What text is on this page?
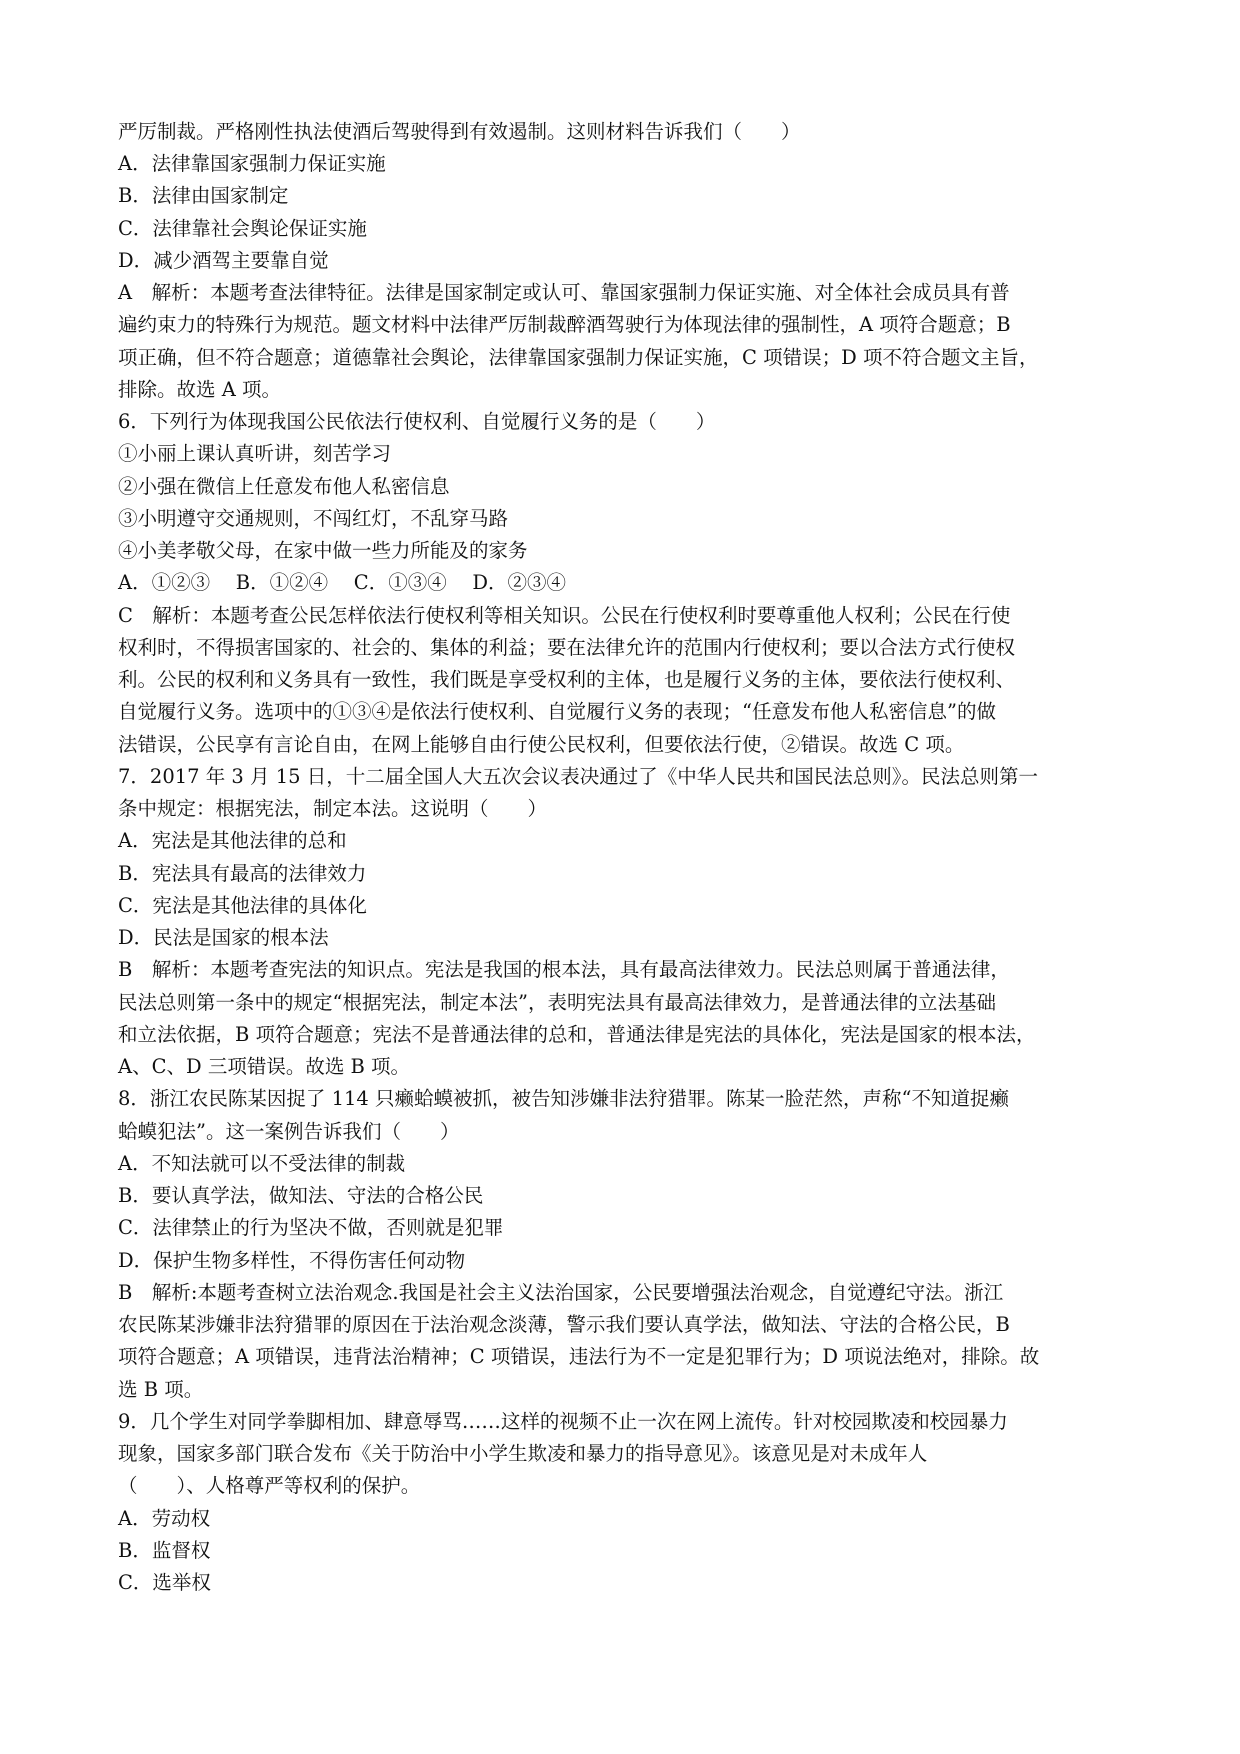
严厉制裁。严格刚性执法使酒后驾驶得到有效遏制。这则材料告诉我们（　　）

A．法律靠国家强制力保证实施

B．法律由国家制定

C．法律靠社会舆论保证实施

D．减少酒驾主要靠自觉

A　解析：本题考查法律特征。法律是国家制定或认可、靠国家强制力保证实施、对全体社会成员具有普

遍约束力的特殊行为规范。题文材料中法律严厉制裁醉酒驾驶行为体现法律的强制性，A 项符合题意；B

项正确，但不符合题意；道德靠社会舆论，法律靠国家强制力保证实施，C 项错误；D 项不符合题文主旨，

排除。故选 A 项。

6．下列行为体现我国公民依法行使权利、自觉履行义务的是（　　）

①小丽上课认真听讲，刻苦学习

②小强在微信上任意发布他人私密信息

③小明遵守交通规则，不闯红灯，不乱穿马路

④小美孝敬父母，在家中做一些力所能及的家务

A．①②③　 B．①②④　 C．①③④　 D．②③④

C　解析：本题考查公民怎样依法行使权利等相关知识。公民在行使权利时要尊重他人权利；公民在行使

权利时，不得损害国家的、社会的、集体的利益；要在法律允许的范围内行使权利；要以合法方式行使权

利。公民的权利和义务具有一致性，我们既是享受权利的主体，也是履行义务的主体，要依法行使权利、

自觉履行义务。选项中的①③④是依法行使权利、自觉履行义务的表现；“任意发布他人私密信息”的做

法错误，公民享有言论自由，在网上能够自由行使公民权利，但要依法行使，②错误。故选 C 项。

7．2017 年 3 月 15 日，十二届全国人大五次会议表决通过了《中华人民共和国民法总则》。民法总则第一

条中规定：根据宪法，制定本法。这说明（　　）

A．宪法是其他法律的总和

B．宪法具有最高的法律效力

C．宪法是其他法律的具体化

D．民法是国家的根本法

B　解析：本题考查宪法的知识点。宪法是我国的根本法，具有最高法律效力。民法总则属于普通法律，

民法总则第一条中的规定“根据宪法，制定本法”，表明宪法具有最高法律效力，是普通法律的立法基础

和立法依据，B 项符合题意；宪法不是普通法律的总和，普通法律是宪法的具体化，宪法是国家的根本法，

A、C、D 三项错误。故选 B 项。

8．浙江农民陈某因捉了 114 只癞蛤蟆被抓，被告知涉嫌非法狩猎罪。陈某一脸茫然，声称“不知道捉癞

蛤蟆犯法”。这一案例告诉我们（　　）

A．不知法就可以不受法律的制裁

B．要认真学法，做知法、守法的合格公民

C．法律禁止的行为坚决不做，否则就是犯罪

D．保护生物多样性，不得伤害任何动物

B　解析:本题考查树立法治观念.我国是社会主义法治国家，公民要增强法治观念，自觉遵纪守法。浙江

农民陈某涉嫌非法狩猎罪的原因在于法治观念淡薄，警示我们要认真学法，做知法、守法的合格公民，B

项符合题意；A 项错误，违背法治精神；C 项错误，违法行为不一定是犯罪行为；D 项说法绝对，排除。故

选 B 项。

9．几个学生对同学拳脚相加、肆意辱骂……这样的视频不止一次在网上流传。针对校园欺凌和校园暴力

现象，国家多部门联合发布《关于防治中小学生欺凌和暴力的指导意见》。该意见是对未成年人

（　　）、人格尊严等权利的保护。

A．劳动权

B．监督权

C．选举权
